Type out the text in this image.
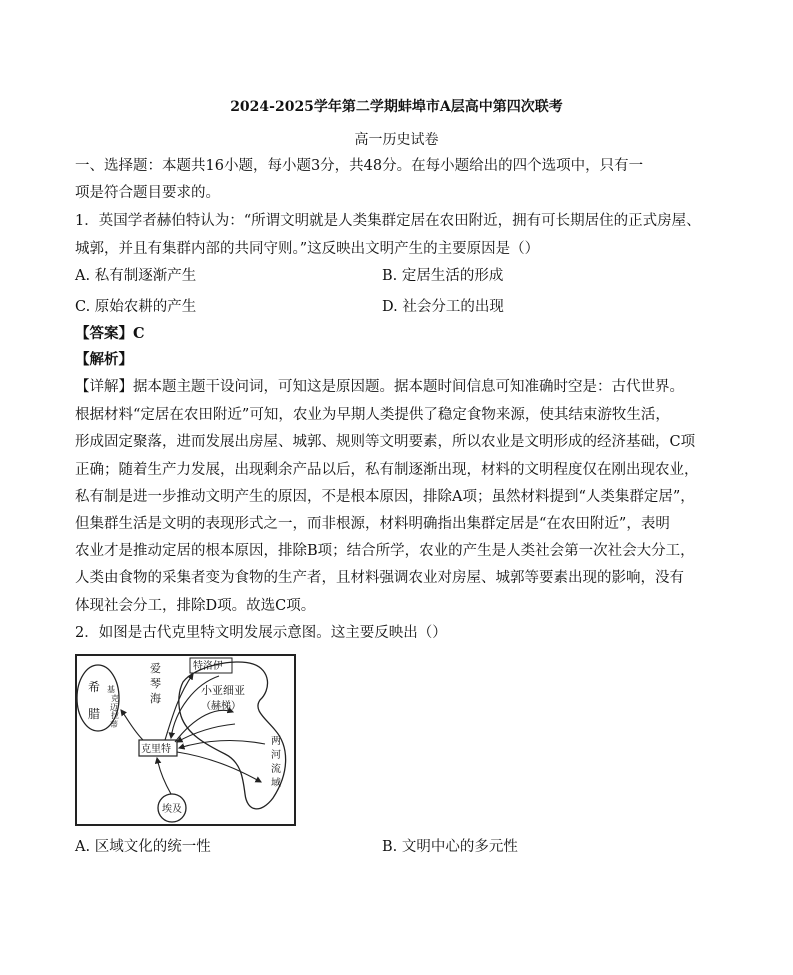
2024-2025学年第二学期蚌埠市A层高中第四次联考
高一历史试卷
一、选择题：本题共16小题，每小题3分，共48分。在每小题给出的四个选项中，只有一
项是符合题目要求的。
1．英国学者赫伯特认为：“所谓文明就是人类集群定居在农田附近，拥有可长期居住的正式房屋、
城郭，并且有集群内部的共同守则。”这反映出文明产生的主要原因是（）
A. 私有制逐渐产生	B. 定居生活的形成
C. 原始农耕的产生	D. 社会分工的出现
【答案】C
【解析】
【详解】据本题主题干设问词，可知这是原因题。据本题时间信息可知准确时空是：古代世界。
根据材料“定居在农田附近”可知，农业为早期人类提供了稳定食物来源，使其结束游牧生活，
形成固定聚落，进而发展出房屋、城郭、规则等文明要素，所以农业是文明形成的经济基础，C项
正确；随着生产力发展，出现剩余产品以后，私有制逐渐出现，材料的文明程度仅在刚出现农业，
私有制是进一步推动文明产生的原因，不是根本原因，排除A项；虽然材料提到“人类集群定居”，
但集群生活是文明的表现形式之一，而非根源，材料明确指出集群定居是“在农田附近”，表明
农业才是推动定居的根本原因，排除B项；结合所学，农业的产生是人类社会第一次社会大分工，
人类由食物的采集者变为食物的生产者，且材料强调农业对房屋、城郭等要素出现的影响，没有
体现社会分工，排除D项。故选C项。
2．如图是古代克里特文明发展示意图。这主要反映出（）
希
腊
基
克
迈
拉
蒂
爱
琴
海
特洛伊
小亚细亚
（赫梯）
两
河
流
域
克里特
埃及
A. 区域文化的统一性	B. 文明中心的多元性
